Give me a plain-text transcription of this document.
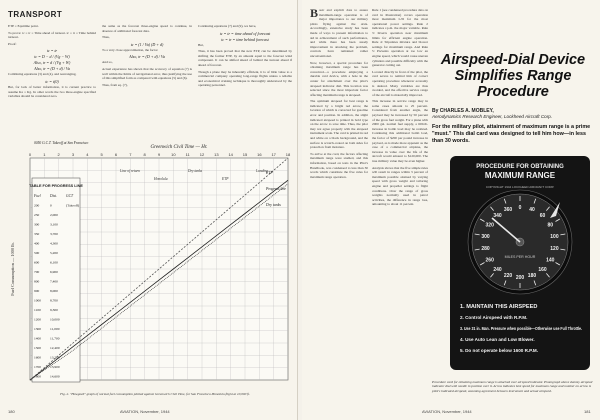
TRANSPORT

ETP = Equitime point.

To prove: tc = tr = Time ahead of turnout. tc = tr = Time behind turnout.

Proof:

tc = tr
tc = D − d / (Vg − W)
Also, tr = d / (Vg + W)
Also, tr = (D + d) / Va

Combining equations (3) and (4), and rearranging,

tc = t(0)

But, for lack of better information, it is current practice to assume Ka = Kg. In other words the two three-engine specified variables should be considered zero.

the same as the forecast three-engine speed to continue, in absence of additional forecast data.

Thus,

tc = (1 / Va) (D + d)

To a very close approximation, the factor

Also, tr = (D + d) / Va

And so,

Actual experience has shown that the accuracy of equation (7) is well within the limits of navigational error, thus justifying the use of this simplified form as compared with equations (5) and (6).

Thus, from eq. (7),

Continuing equations (7) and (9), we have,

tc = tr = time ahead of forecast
tc = tr = time behind forecast

But,

Thus, it has been proved that the new ETP, can be determined by shifting the former ETP, by an amount equal to the forecast wind component. It can be shifted ahead of behind the turnout ahead if ahead of forecast.

Though a plane may be inherently efficient, it is of little value to a commercial company operating long-range flights unless a reliable and economical cruising technique is thoroughly understood by the operating personnel.

0	1	2	3	4	5	6	7	8	9	10	11	12 13 14 15 16 17 18
Greenwich Civil Time — Hr.
0050 G.C.T. Takeoff at San Francisco
Fuel Consumption — 1000 lb.
TABLE FOR PROGRESS LINE
Fuel	Dist.	GCT
200	0	(Takeoff)
250	2,000
300	3,100
350	3,700
400	4,300
500	5,200
600	6,100
700	6,900
800	7,400
900	8,000
1000	8,700
1100	9,300
1200	10,000
1300	11,000
1400	11,700
1500	12,400
1600	13,200
1700	13,900
1800	14,600
Progress line
ETP
Dry tanks
Line of return
Honolulu
Dry tanks
ETP
Landing
Fig. 2. "Howgozit" graph of normal fuel consumption plotted against Greenwich Civil Time, for San Francisco-Honolulu flight at 10,000 ft.
180	AVIATION, November, 1944

Basic and explicit data to assure maximum-range operation is of major importance to our military pilots flying against the Axis. Accordingly, extensive study has been made of ways to present information to aid in achievement of such performance, and while there has been steady improvement in attacking the problem, controls have remained rather unconventional.

Now, however, a special procedure for obtaining maximum range has been conceived—a procedure employing a durable card device, with a hole in the center for attachment over the pilot's airspeed indicator dial. This location was selected since the most important factor affecting maximum range is airspeed.

The optimum airspeed for best range is indicated by a bright red arrow, the location of which is corrected for gasoline error and position. In addition, the slight indicated airspeed is printed in bold type on the arrow to save time. Thus, the pilot may not agree properly with the airspeed instrument scale. The card is printed in red and white on a black background, and the surface is scratch-coated on both sides for protection from moisture.

To arrive at the card, the factors affecting maximum range were studied, and this information, based on tests in the Pilot's Handbook, was condensed to less than 30 words which constitute the five rules for maximum range operation.

Rule 1 (see condensed procedure data on card in illustration) covers operation most maximum L/D for the most operational power settings. Rule 2 indicates r.p.m. the major variable. Rule 3: Inverts operation near maximum limits for efficient engine operation. Rule 4: Stipulates mixture and blower settings for maximum range. And Rule 5: Prevents operation at too low an engine speed, which would cause uneven cylinders and possible difficulty with the generator cutting out.

Located directly in front of the pilot, the card serves to remind him of correct operating procedure whenever economy is desired. Many variables are thus avoided, and the effective service range of the aircraft is materially improved.

This increase in service range may in some cases amount to 25 percent. Considered from another angle, the payload may be increased by 50 percent of the gross fuel weight. For a plane with 2000 gal. normal fuel supply, a 600-lb. increase in bomb load may be realized. Continuing this additional bomb load, the factor of $200 per pound increase in payload, as is made more apparent as the case of a commercial airplane, the increase in value over the life of the aircraft would amount to $120,000. The true military value may be even higher.

Analysis shows that the five simple rules will result in ranges within 3 percent of maximum possible attained by varying speed with gross weight and tailoring engine and propeller settings to flight conditions. Over the range of gross weights normally used in patrol activities, the difference in range loss, amounting to about 11 percent.

Airspeed-Dial Device Simplifies Range Procedure
By CHARLES A. MOBLEY,
Aerodynamics Research Engineer, Lockheed Aircraft Corp.
For the military pilot, attainment of maximum range is a prime "must." This dial card was designed to tell him how—in less than 30 words.
PROCEDURE FOR OBTAINING
MAXIMUM RANGE
COPYRIGHT 1944 LOCKHEED AIRCRAFT CORP.
0 40
60
80
100
120
140
160
180
200
220
240
260
280
300
320
340
360
MILES PER HOUR
1. MAINTAIN THIS AIRSPEED
2. Control Airspeed with R.P.M.
3. Use 31 in. Man. Pressure when possible—Otherwise use Full Throttle.
4. Use Auto Lean and Low Blower.
5. Do not operate below 1600 R.P.M.
Procedure card for obtaining maximum range is attached over airspeed indicator. Photograph above dummy airspeed indicator dial with needle in position over it. Arrow indicates best speed for maximum range and number on arrow is pilot's indicated airspeed, assuming agreement between instrument and actual airspeed.
AVIATION, November, 1944	181
